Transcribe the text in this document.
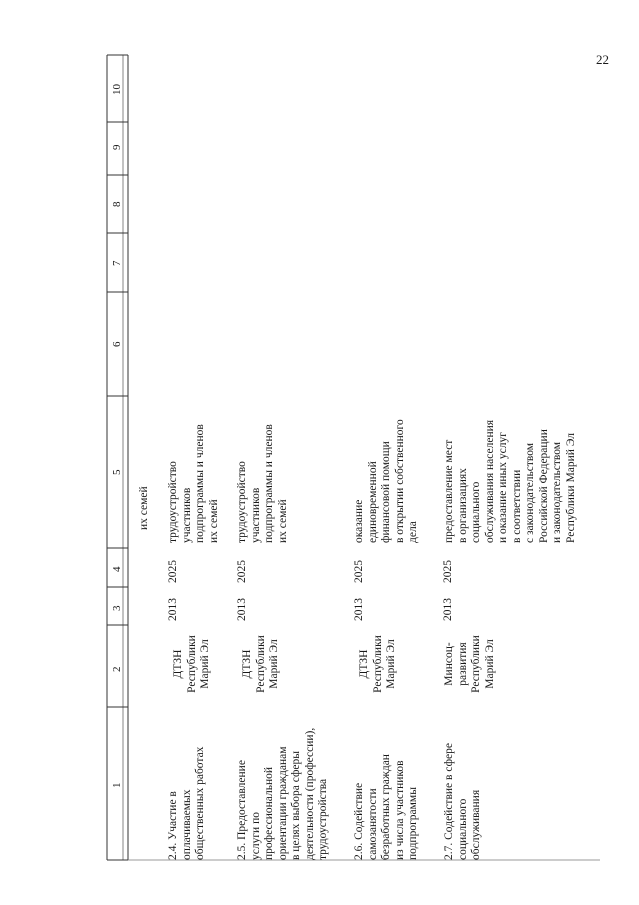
22
10
9
8
7
6
5
4
3
2
1
их семей
2.4. Участие в оплачиваемых общественных работах
ДТЗН Республики Марий Эл
2013
2025
трудоустройство участников подпрограммы и членов их семей
2.5. Предоставление услуги по профессиональной ориентации гражданам в целях выбора сферы деятельности (профессии), трудоустройства
ДТЗН Республики Марий Эл
2013
2025
трудоустройство участников подпрограммы и членов их семей
2.6. Содействие самозанятости безработных граждан из числа участников подпрограммы
ДТЗН Республики Марий Эл
2013
2025
оказание единовременной финансовой помощи в открытии собственного дела
2.7. Содействие в сфере социального обслуживания
Минсоц- развития Республики Марий Эл
2013
2025
предоставление мест в организациях социального обслуживания населения и оказание иных услуг в соответствии с законодательством Российской Федерации и законодательством Республики Марий Эл
